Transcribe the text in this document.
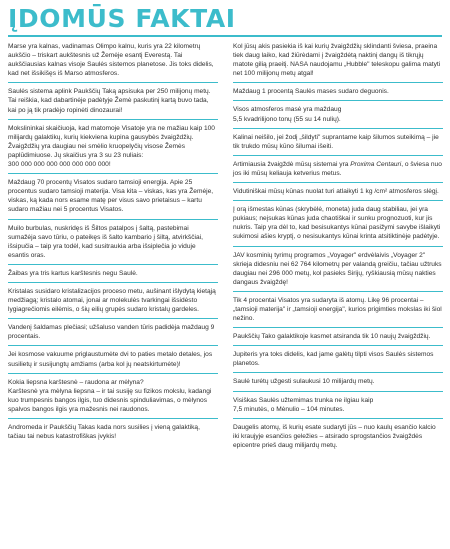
ĮDOMŪS FAKTAI

Marse yra kalnas, vadinamas Olimpo kalnu, kuris yra 22 kilometrų aukščio – triskart aukštesnis už Žemėje esantį Everestą. Tai aukščiausias kalnas visoje Saulės sistemos planetose. Jis toks didelis, kad net išsikišęs iš Marso atmosferos.

Saulės sistema aplink Paukščių Taką apsisuka per 250 milijonų metų. Tai reiškia, kad dabartinėje padėtyje Žemė paskutinį kartą buvo tada, kai po ją tik pradėjo ropinėti dinozaurai!

Mokslininkai skaičiuoja, kad matomoje Visatoje yra ne mažiau kaip 100 milijardų galaktikų, kurių kiekviena kupina gausybės žvaigždžių. Žvaigždžių yra daugiau nei smėlio kruopelyčių visose Žemės paplūdimiuose. Jų skaičius yra 3 su 23 nuliais:

300 000 000 000 000 000 000 000!

Maždaug 70 procentų Visatos sudaro tamsioji energija. Apie 25 procentus sudaro tamsioji materija. Visa kita – viskas, kas yra Žemėje, viskas, ką kada nors esame matę per visus savo prietaisus – kartu sudaro mažiau nei 5 procentus Visatos.

Muilo burbulas, nuskridęs iš Šiltos patalpos į šaltą, pastebimai sumažėja savo tūriu, o pateikęs iš šalto kambario į šiltą, atvirkščiai, išsipučia – taip yra todėl, kad susitraukia arba išsiplečia jo viduje esantis oras.

Žaibas yra tris kartus karštesnis negu Saulė.

Kristalas susidaro kristalizacijos proceso metu, aušinant išlydytą kietąją medžiagą; kristalo atomai, jonai ar molekulės tvarkingai išsidėsto lygiagrečiomis eilėmis, o šių eilių grupės sudaro kristalų gardeles.

Vandenį šaldamas plečiasi; užšaluso vanden tūris padidėja maždaug 9 procentais.

Jei kosmose vakuume priglaustumėte dvi to paties metalo detales, jos susilietų ir susijungtų amžiams (arba kol jų neatskirtumėte)!

Kokia liepsna karštesnė – raudona ar mėlyna?

Karštesnė yra mėlyna liepsna – ir tai susiję su fizikos mokslu, kadangi kuo trumpesnis bangos ilgis, tuo didesnis spinduliavimas, o mėlynos spalvos bangos ilgis yra mažesnis nei raudonos.

Andromeda ir Paukščių Takas kada nors susilies į vieną galaktiką, tačiau tai nebus katastrofiškas įvykis!

Kol jūsų akis pasiekia iš kai kurių žvaigždžių sklindanti šviesa, praeina tiek daug laiko, kad žiūrėdami į žvaigždėtą naktinį dangų iš tikrųjų matote gilią praeitį. NASA naudojamu „Hubble" teleskopu galima matyti net 100 milijonų metų atgal!

Maždaug 1 procentą Saulės mases sudaro deguonis.

Visos atmosferos masė yra maždaug

5,5 kvadrilijono tonų (55 su 14 nulių).

Kalinai neišilo, jei žodį „šildyti" suprantame kaip šilumos suteikimą – jie tik trukdo mūsų kūno šilumai išeiti.

Artimiausia žvaigždė mūsų sistemai yra Proxima Centauri, o šviesa nuo jos iki mūsų keliauja ketverius metus.

Vidutiniškai mūsų kūnas nuolat turi atlaikyti 1 kg /cm² atmosferos slėgį.

Į orą išmestas kūnas (skrybėlė, moneta) juda daug stabiliau, jei yra pukiaus; neįsukas kūnas juda chaotiškai ir sunku prognozuoti, kur jis nukris. Taip yra dėl to, kad besisukantys kūnai pasižymi savybe išlaikyti sukimosi ašies kryptį, o nesisukantys kūnai krinta atsitiktinėje padėtyje.

JAV kosminių tyrimų programos „Voyager" erdvėlaivis „Voyager 2" skrieja didesniu nei 62 764 kilometrų per valandą greičiu, tačiau užtruks daugiau nei 296 000 metų, kol pasieks Sirijų, ryškiausią mūsų nakties dangaus žvaigždę!

Tik 4 procentai Visatos yra sudaryta iš atomų. Likę 96 procentai – „tamsioji materija" ir „tamsioji energija", kurios prigimties mokslas iki šiol nežino.

Paukščių Tako galaktikoje kasmet atsiranda tik 10 naujų žvaigždžių.

Jupiteris yra toks didelis, kad jame galėtų tilpti visos Saulės sistemos planetos.

Saulė turėtų užgesti sulaukusi 10 milijardų metų.

Visiškas Saulės užtemimas trunka ne ilgiau kaip

7,5 minutės, o Mėnulio – 104 minutes.

Daugelis atomų, iš kurių esate sudaryti jūs – nuo kaulų esančio kalcio iki kraujyje esančios geležies – atsirado sprogstančios žvaigždės epicentre prieš daug milijardų metų.
